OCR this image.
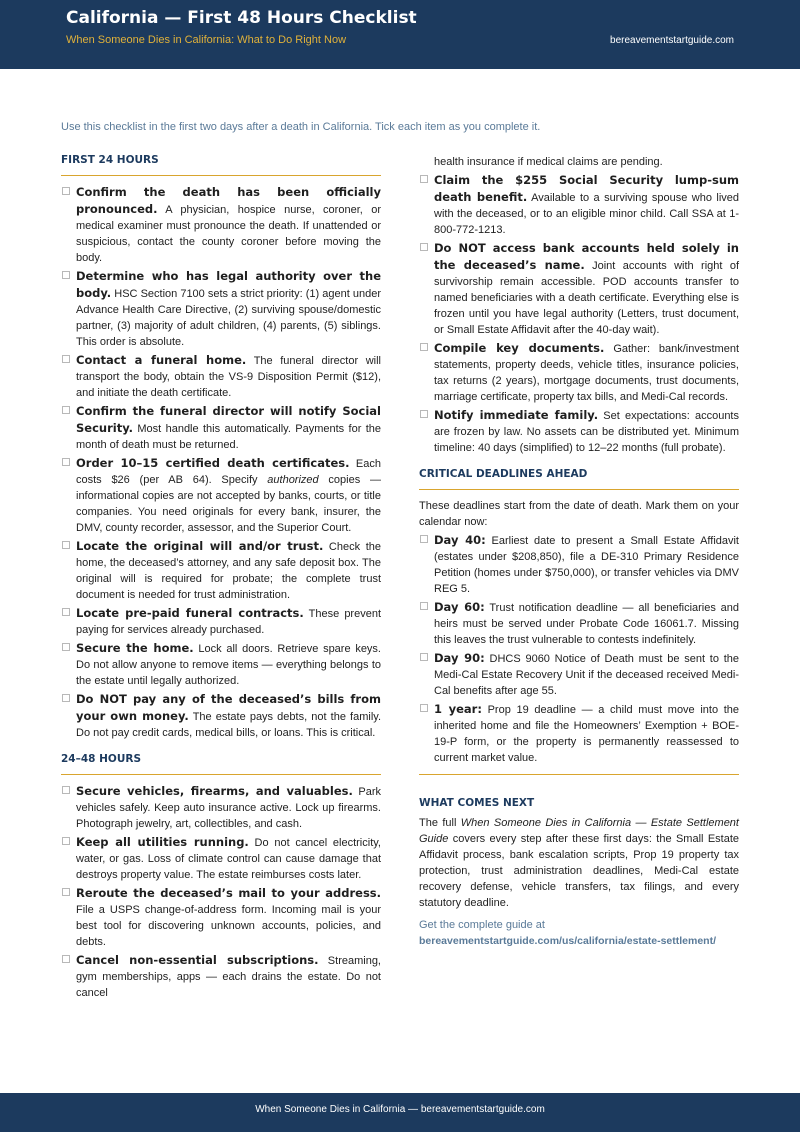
California — First 48 Hours Checklist
When Someone Dies in California: What to Do Right Now	bereavementstartguide.com
Use this checklist in the first two days after a death in California. Tick each item as you complete it.
FIRST 24 HOURS
Confirm the death has been officially pronounced. A physician, hospice nurse, coroner, or medical examiner must pronounce the death. If unattended or suspicious, contact the county coroner before moving the body.
Determine who has legal authority over the body. HSC Section 7100 sets a strict priority: (1) agent under Advance Health Care Directive, (2) surviving spouse/domestic partner, (3) majority of adult children, (4) parents, (5) siblings. This order is absolute.
Contact a funeral home. The funeral director will transport the body, obtain the VS-9 Disposition Permit ($12), and initiate the death certificate.
Confirm the funeral director will notify Social Security. Most handle this automatically. Payments for the month of death must be returned.
Order 10–15 certified death certificates. Each costs $26 (per AB 64). Specify authorized copies — informational copies are not accepted by banks, courts, or title companies. You need originals for every bank, insurer, the DMV, county recorder, assessor, and the Superior Court.
Locate the original will and/or trust. Check the home, the deceased’s attorney, and any safe deposit box. The original will is required for probate; the complete trust document is needed for trust administration.
Locate pre-paid funeral contracts. These prevent paying for services already purchased.
Secure the home. Lock all doors. Retrieve spare keys. Do not allow anyone to remove items — everything belongs to the estate until legally authorized.
Do NOT pay any of the deceased’s bills from your own money. The estate pays debts, not the family. Do not pay credit cards, medical bills, or loans. This is critical.
24–48 HOURS
Secure vehicles, firearms, and valuables. Park vehicles safely. Keep auto insurance active. Lock up firearms. Photograph jewelry, art, collectibles, and cash.
Keep all utilities running. Do not cancel electricity, water, or gas. Loss of climate control can cause damage that destroys property value. The estate reimburses costs later.
Reroute the deceased’s mail to your address. File a USPS change-of-address form. Incoming mail is your best tool for discovering unknown accounts, policies, and debts.
Cancel non-essential subscriptions. Streaming, gym memberships, apps — each drains the estate. Do not cancel
health insurance if medical claims are pending.
Claim the $255 Social Security lump-sum death benefit. Available to a surviving spouse who lived with the deceased, or to an eligible minor child. Call SSA at 1-800-772-1213.
Do NOT access bank accounts held solely in the deceased’s name. Joint accounts with right of survivorship remain accessible. POD accounts transfer to named beneficiaries with a death certificate. Everything else is frozen until you have legal authority (Letters, trust document, or Small Estate Affidavit after the 40-day wait).
Compile key documents. Gather: bank/investment statements, property deeds, vehicle titles, insurance policies, tax returns (2 years), mortgage documents, trust documents, marriage certificate, property tax bills, and Medi-Cal records.
Notify immediate family. Set expectations: accounts are frozen by law. No assets can be distributed yet. Minimum timeline: 40 days (simplified) to 12–22 months (full probate).
CRITICAL DEADLINES AHEAD
These deadlines start from the date of death. Mark them on your calendar now:
Day 40: Earliest date to present a Small Estate Affidavit (estates under $208,850), file a DE-310 Primary Residence Petition (homes under $750,000), or transfer vehicles via DMV REG 5.
Day 60: Trust notification deadline — all beneficiaries and heirs must be served under Probate Code 16061.7. Missing this leaves the trust vulnerable to contests indefinitely.
Day 90: DHCS 9060 Notice of Death must be sent to the Medi-Cal Estate Recovery Unit if the deceased received Medi-Cal benefits after age 55.
1 year: Prop 19 deadline — a child must move into the inherited home and file the Homeowners’ Exemption + BOE-19-P form, or the property is permanently reassessed to current market value.
WHAT COMES NEXT
The full When Someone Dies in California — Estate Settlement Guide covers every step after these first days: the Small Estate Affidavit process, bank escalation scripts, Prop 19 property tax protection, trust administration deadlines, Medi-Cal estate recovery defense, vehicle transfers, tax filings, and every statutory deadline.
Get the complete guide at
bereavementstartguide.com/us/california/estate-settlement/
When Someone Dies in California — bereavementstartguide.com
